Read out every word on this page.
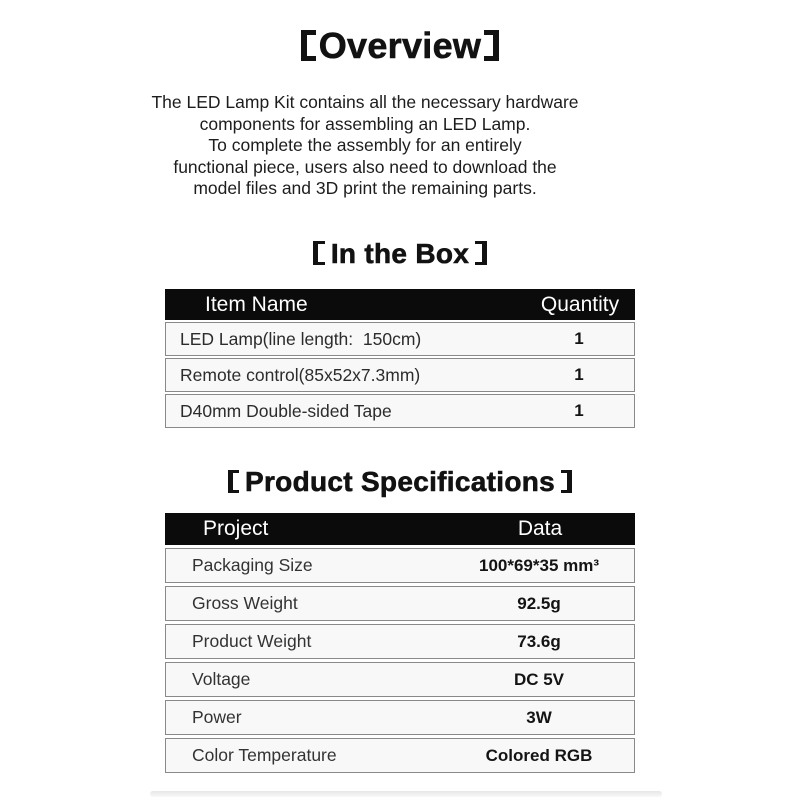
Overview

The LED Lamp Kit contains all the necessary hardware
components for assembling an LED Lamp.
To complete the assembly for an entirely
functional piece, users also need to download the
model files and 3D print the remaining parts.

In the Box
Item Name	Quantity
LED Lamp(line length:  150cm)	1
Remote control(85x52x7.3mm)	1
D40mm Double-sided Tape	1
Product Specifications
Project	Data
Packaging Size	100*69*35 mm³
Gross Weight	92.5g
Product Weight	73.6g
Voltage	DC 5V
Power	3W
Color Temperature	Colored RGB
